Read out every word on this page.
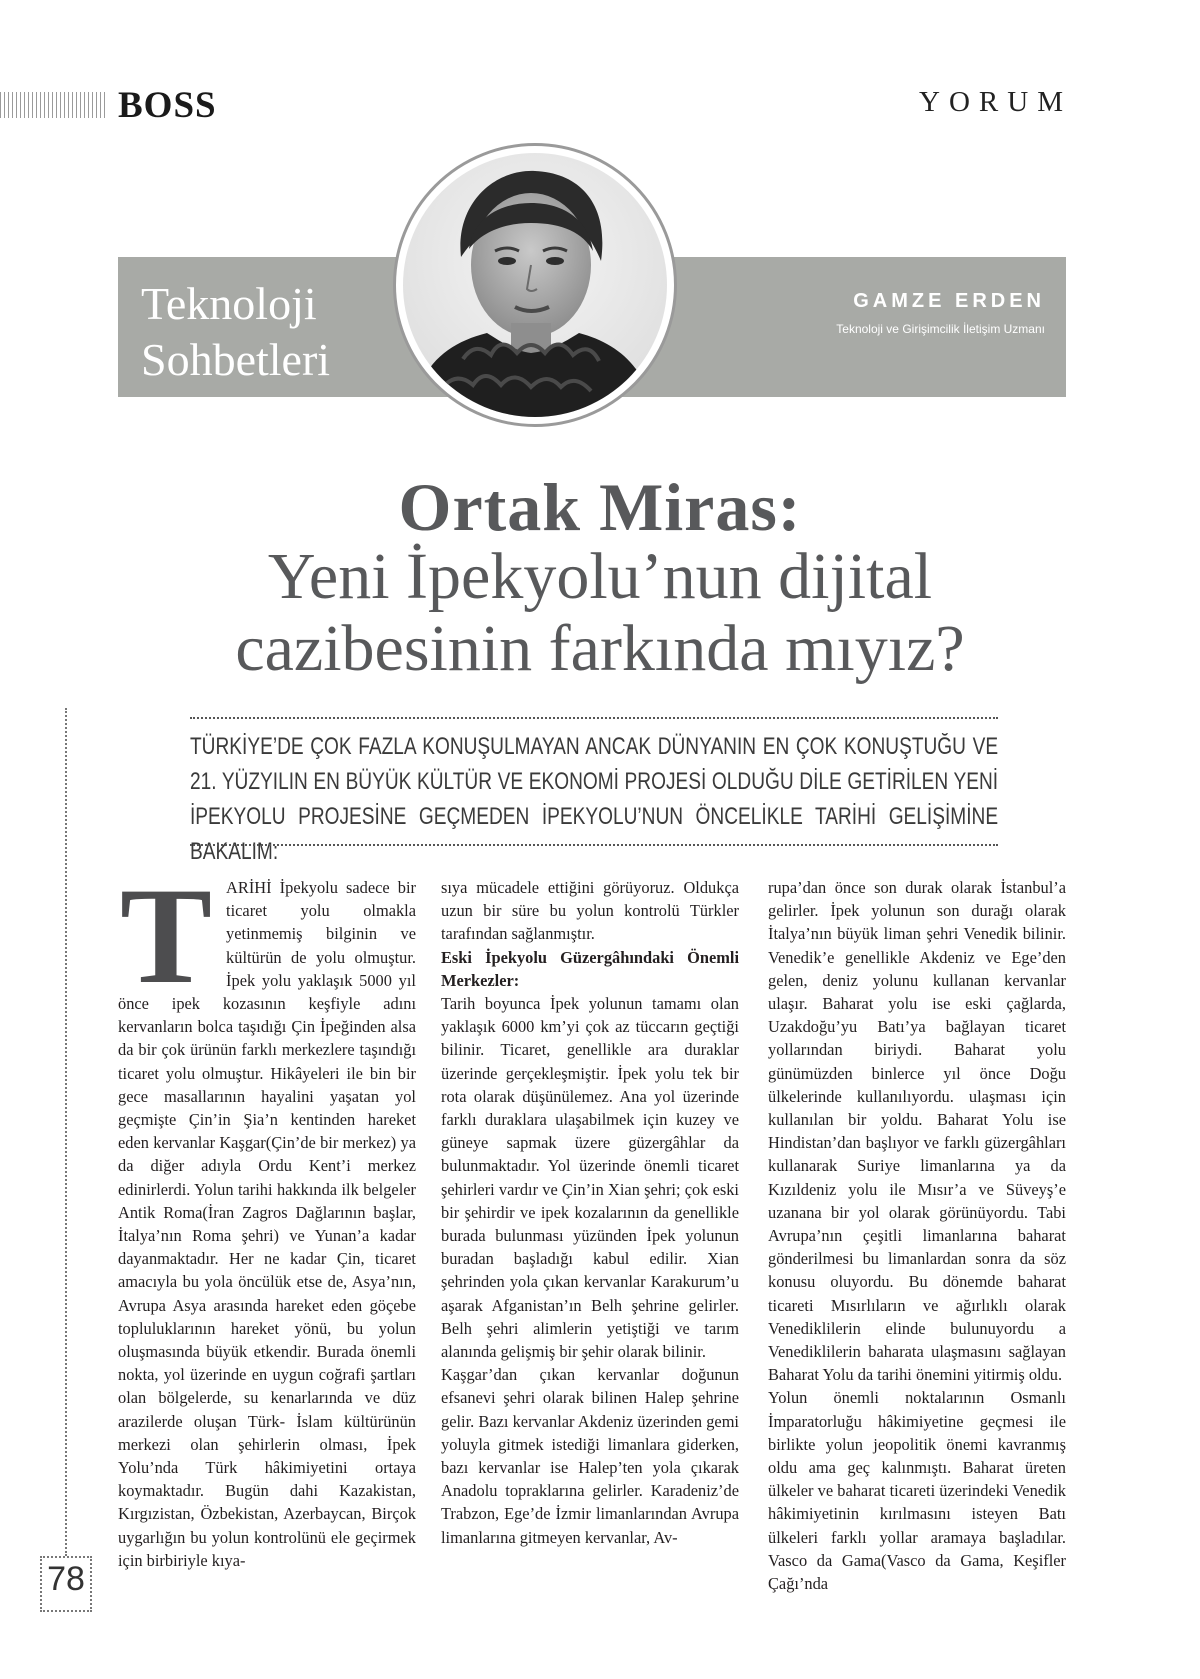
BOSS	YORUM
Teknoloji
Sohbetleri
GAMZE ERDEN
Teknoloji ve Girişimcilik İletişim Uzmanı
Ortak Miras:
Yeni İpekyolu’nun dijital
cazibesinin farkında mıyız?
TÜRKİYE’DE ÇOK FAZLA KONUŞULMAYAN ANCAK DÜNYANIN EN ÇOK KONUŞTUĞU VE
21. YÜZYILIN EN BÜYÜK KÜLTÜR VE EKONOMİ PROJESİ OLDUĞU DİLE GETİRİLEN YENİ
İPEKYOLU PROJESİNE GEÇMEDEN İPEKYOLU’NUN ÖNCELİKLE TARİHİ GELİŞİMİNE BAKALIM:
78
T ARİHİ İpekyolu sadece bir ticaret yolu olmakla yetinmemiş bilginin ve kültürün de yolu olmuştur. İpek yolu yaklaşık 5000 yıl önce ipek kozasının keşfiyle adını kervanların bolca taşıdığı Çin İpeğinden alsa da bir çok ürünün farklı merkezlere taşındığı ticaret yolu olmuştur. Hikâyeleri ile bin bir gece masallarının hayalini yaşatan yol geçmişte Çin’in Şia’n kentinden hareket eden kervanlar Kaşgar(Çin’de bir merkez) ya da diğer adıyla Ordu Kent’i merkez edinirlerdi. Yolun tarihi hakkında ilk belgeler Antik Roma(İran Zagros Dağlarının başlar, İtalya’nın Roma şehri) ve Yunan’a kadar dayanmaktadır. Her ne kadar Çin, ticaret amacıyla bu yola öncülük etse de, Asya’nın, Avrupa Asya arasında hareket eden göçebe topluluklarının hareket yönü, bu yolun oluşmasında büyük etkendir. Burada önemli nokta, yol üzerinde en uygun coğrafi şartları olan bölgelerde, su kenarlarında ve düz arazilerde oluşan Türk- İslam kültürünün merkezi olan şehirlerin olması, İpek Yolu’nda Türk hâkimiyetini ortaya koymaktadır. Bugün dahi Kazakistan, Kırgızistan, Özbekistan, Azerbaycan, Birçok uygarlığın bu yolun kontrolünü ele geçirmek için birbiriyle kıya-

sıya mücadele ettiğini görüyoruz. Oldukça uzun bir süre bu yolun kontrolü Türkler tarafından sağlanmıştır.

Eski İpekyolu Güzergâhındaki Önemli Merkezler:

Tarih boyunca İpek yolunun tamamı olan yaklaşık 6000 km’yi çok az tüccarın geçtiği bilinir. Ticaret, genellikle ara duraklar üzerinde gerçekleşmiştir. İpek yolu tek bir rota olarak düşünülemez. Ana yol üzerinde farklı duraklara ulaşabilmek için kuzey ve güneye sapmak üzere güzergâhlar da bulunmaktadır. Yol üzerinde önemli ticaret şehirleri vardır ve Çin’in Xian şehri; çok eski bir şehirdir ve ipek kozalarının da genellikle burada bulunması yüzünden İpek yolunun buradan başladığı kabul edilir. Xian şehrinden yola çıkan kervanlar Karakurum’u aşarak Afganistan’ın Belh şehrine gelirler. Belh şehri alimlerin yetiştiği ve tarım alanında gelişmiş bir şehir olarak bilinir.

Kaşgar’dan çıkan kervanlar doğunun efsanevi şehri olarak bilinen Halep şehrine gelir. Bazı kervanlar Akdeniz üzerinden gemi yoluyla gitmek istediği limanlara giderken, bazı kervanlar ise Halep’ten yola çıkarak Anadolu topraklarına gelirler. Karadeniz’de Trabzon, Ege’de İzmir limanlarından Avrupa limanlarına gitmeyen kervanlar, Av-

rupa’dan önce son durak olarak İstanbul’a gelirler. İpek yolunun son durağı olarak İtalya’nın büyük liman şehri Venedik bilinir. Venedik’e genellikle Akdeniz ve Ege’den gelen, deniz yolunu kullanan kervanlar ulaşır. Baharat yolu ise eski çağlarda, Uzakdoğu’yu Batı’ya bağlayan ticaret yollarından biriydi. Baharat yolu günümüzden binlerce yıl önce Doğu ülkelerinde kullanılıyordu. ulaşması için kullanılan bir yoldu. Baharat Yolu ise Hindistan’dan başlıyor ve farklı güzergâhları kullanarak Suriye limanlarına ya da Kızıldeniz yolu ile Mısır’a ve Süveyş’e uzanana bir yol olarak görünüyordu. Tabi Avrupa’nın çeşitli limanlarına baharat gönderilmesi bu limanlardan sonra da söz konusu oluyordu. Bu dönemde baharat ticareti Mısırlıların ve ağırlıklı olarak Venediklilerin elinde bulunuyordu a Venediklilerin baharata ulaşmasını sağlayan Baharat Yolu da tarihi önemini yitirmiş oldu.

Yolun önemli noktalarının Osmanlı İmparatorluğu hâkimiyetine geçmesi ile birlikte yolun jeopolitik önemi kavranmış oldu ama geç kalınmıştı. Baharat üreten ülkeler ve baharat ticareti üzerindeki Venedik hâkimiyetinin kırılmasını isteyen Batı ülkeleri farklı yollar aramaya başladılar. Vasco da Gama(Vasco da Gama, Keşifler Çağı’nda
